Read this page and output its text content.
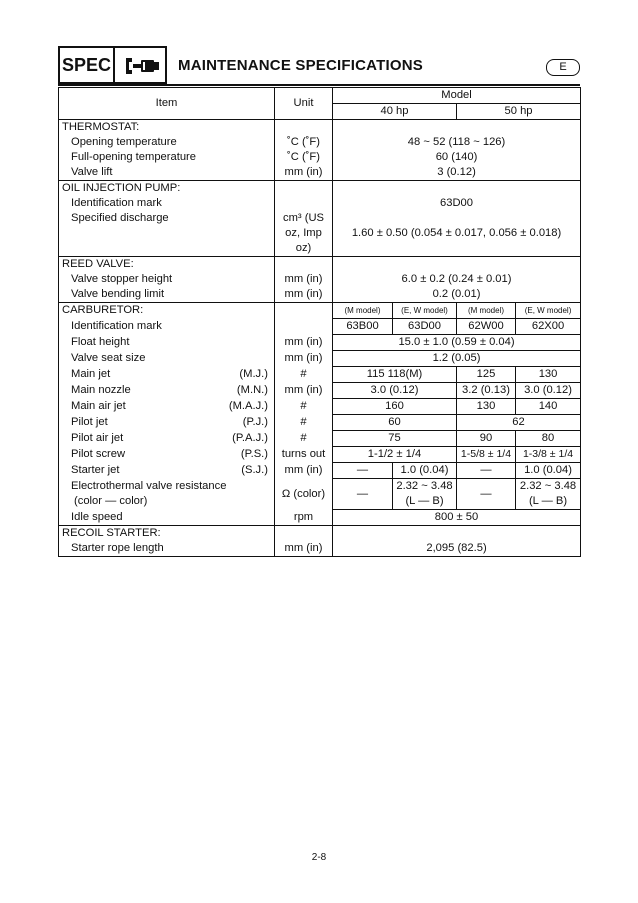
SPEC	MAINTENANCE SPECIFICATIONS	E
Item	Unit	Model			
		40 hp		50 hp	
THERMOSTAT:					
Opening temperature	˚C (˚F)	48 ~ 52 (118 ~ 126)			
Full-opening temperature	˚C (˚F)	60 (140)			
Valve lift	mm (in)	3 (0.12)			
OIL INJECTION PUMP:					
Identification mark		63D00			
Specified discharge	cm³ (US oz, Imp oz)	1.60 ± 0.50 (0.054 ± 0.017, 0.056 ± 0.018)			
REED VALVE:					
Valve stopper height	mm (in)	6.0 ± 0.2 (0.24 ± 0.01)			
Valve bending limit	mm (in)	0.2 (0.01)			
CARBURETOR:		(M model)	(E, W model)	(M model)	(E, W model)
Identification mark		63B00	63D00	62W00	62X00
Float height	mm (in)	15.0 ± 1.0 (0.59 ± 0.04)			
Valve seat size	mm (in)	1.2 (0.05)			

Main jet (M.J.)	#	115 118(M)		125	130

Main nozzle (M.N.)	mm (in)	3.0 (0.12)		3.2 (0.13)	3.0 (0.12)

Main air jet (M.A.J.)	#	160		130	140

Pilot jet (P.J.)	#	60		62	

Pilot air jet (P.A.J.)	#	75		90	80

Pilot screw (P.S.)	turns out	1-1/2 ± 1/4		1-5/8 ± 1/4	1-3/8 ± 1/4

Starter jet (S.J.)	mm (in)	—	1.0 (0.04)	—	1.0 (0.04)

Electrothermal valve resistance
(color — color)	Ω (color)	—	2.32 ~ 3.48 (L — B)	—	2.32 ~ 3.48 (L — B)
Idle speed	rpm	800 ± 50			
RECOIL STARTER:					
Starter rope length	mm (in)	2,095 (82.5)			
2-8
